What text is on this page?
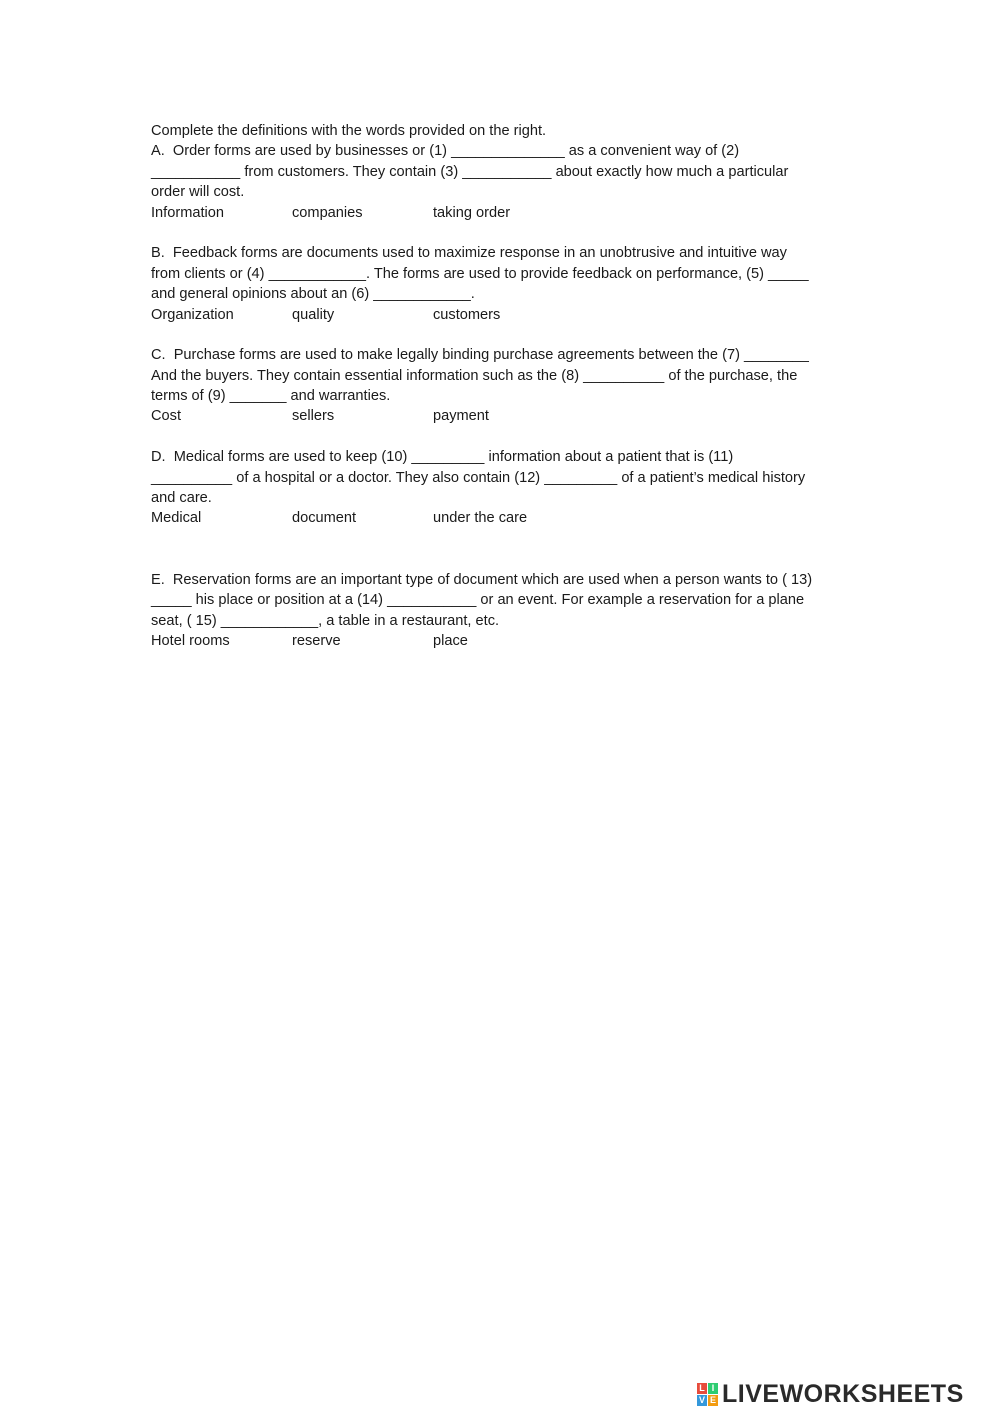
Complete the definitions with the words provided on the right.
A.  Order forms are used by businesses or (1) ______________ as a convenient way of (2)
___________ from customers. They contain (3) ___________ about exactly how much a particular
order will cost.
Information	companies	taking order
B.  Feedback forms are documents used to maximize response in an unobtrusive and intuitive way
from clients or (4) ____________. The forms are used to provide feedback on performance, (5) _____
and general opinions about an (6) ____________.
Organization	quality	customers
C.  Purchase forms are used to make legally binding purchase agreements between the (7) ________
And the buyers. They contain essential information such as the (8) __________ of the purchase, the
terms of (9) _______ and warranties.
Cost	sellers	payment
D.  Medical forms are used to keep (10) _________ information about a patient that is (11)
__________ of a hospital or a doctor. They also contain (12) _________ of a patient’s medical history
and care.
Medical	document	under the care
E.  Reservation forms are an important type of document which are used when a person wants to ( 13)
_____ his place or position at a (14) ___________ or an event. For example a reservation for a plane
seat, ( 15) ____________, a table in a restaurant, etc.
Hotel rooms	reserve	place
L I
V E LIVEWORKSHEETS
